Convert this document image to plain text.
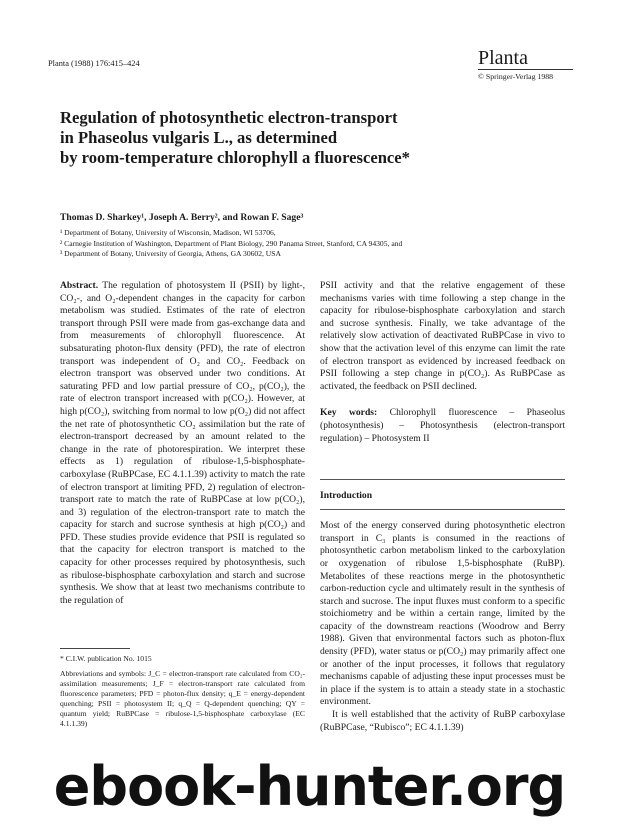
Planta (1988) 176:415–424	Planta
© Springer-Verlag 1988
Regulation of photosynthetic electron-transport
in Phaseolus vulgaris L., as determined
by room-temperature chlorophyll a fluorescence*
Thomas D. Sharkey¹, Joseph A. Berry², and Rowan F. Sage³
¹ Department of Botany, University of Wisconsin, Madison, WI 53706,
² Carnegie Institution of Washington, Department of Plant Biology, 290 Panama Street, Stanford, CA 94305, and
³ Department of Botany, University of Georgia, Athens, GA 30602, USA

Abstract. The regulation of photosystem II (PSII) by light-, CO₂-, and O₂-dependent changes in the capacity for carbon metabolism was studied. Estimates of the rate of electron transport through PSII were made from gas-exchange data and from measurements of chlorophyll fluorescence. At subsaturating photon-flux density (PFD), the rate of electron transport was independent of O₂ and CO₂. Feedback on electron transport was observed under two conditions. At saturating PFD and low partial pressure of CO₂, p(CO₂), the rate of electron transport increased with p(CO₂). However, at high p(CO₂), switching from normal to low p(O₂) did not affect the net rate of photosynthetic CO₂ assimilation but the rate of electron-transport decreased by an amount related to the change in the rate of photorespiration. We interpret these effects as 1) regulation of ribulose-1,5-bisphosphate-carboxylase (RuBPCase, EC 4.1.1.39) activity to match the rate of electron transport at limiting PFD, 2) regulation of electron-transport rate to match the rate of RuBPCase at low p(CO₂), and 3) regulation of the electron-transport rate to match the capacity for starch and sucrose synthesis at high p(CO₂) and PFD. These studies provide evidence that PSII is regulated so that the capacity for electron transport is matched to the capacity for other processes required by photosynthesis, such as ribulose-bisphosphate carboxylation and starch and sucrose synthesis. We show that at least two mechanisms contribute to the regulation of

PSII activity and that the relative engagement of these mechanisms varies with time following a step change in the capacity for ribulose-bisphosphate carboxylation and starch and sucrose synthesis. Finally, we take advantage of the relatively slow activation of deactivated RuBPCase in vivo to show that the activation level of this enzyme can limit the rate of electron transport as evidenced by increased feedback on PSII following a step change in p(CO₂). As RuBPCase as activated, the feedback on PSII declined.

Key words: Chlorophyll fluorescence – Phaseolus (photosynthesis) – Photosynthesis (electron-transport regulation) – Photosystem II

Introduction

Most of the energy conserved during photosynthetic electron transport in C₃ plants is consumed in the reactions of photosynthetic carbon metabolism linked to the carboxylation or oxygenation of ribulose 1,5-bisphosphate (RuBP). Metabolites of these reactions merge in the photosynthetic carbon-reduction cycle and ultimately result in the synthesis of starch and sucrose. The input fluxes must conform to a specific stoichiometry and be within a certain range, limited by the capacity of the downstream reactions (Woodrow and Berry 1988). Given that environmental factors such as photon-flux density (PFD), water status or p(CO₂) may primarily affect one or another of the input processes, it follows that regulatory mechanisms capable of adjusting these input processes must be in place if the system is to attain a steady state in a stochastic environment.

It is well established that the activity of RuBP carboxylase (RuBPCase, “Rubisco”; EC 4.1.1.39)

* C.I.W. publication No. 1015
Abbreviations and symbols: J_C = electron-transport rate calculated from CO₂-assimilation measurements; J_F = electron-transport rate calculated from fluorescence parameters; PFD = photon-flux density; q_E = energy-dependent quenching; PSII = photosystem II; q_Q = Q-dependent quenching; QY = quantum yield; RuBPCase = ribulose-1,5-bisphosphate carboxylase (EC 4.1.1.39)
ebook-hunter.org
